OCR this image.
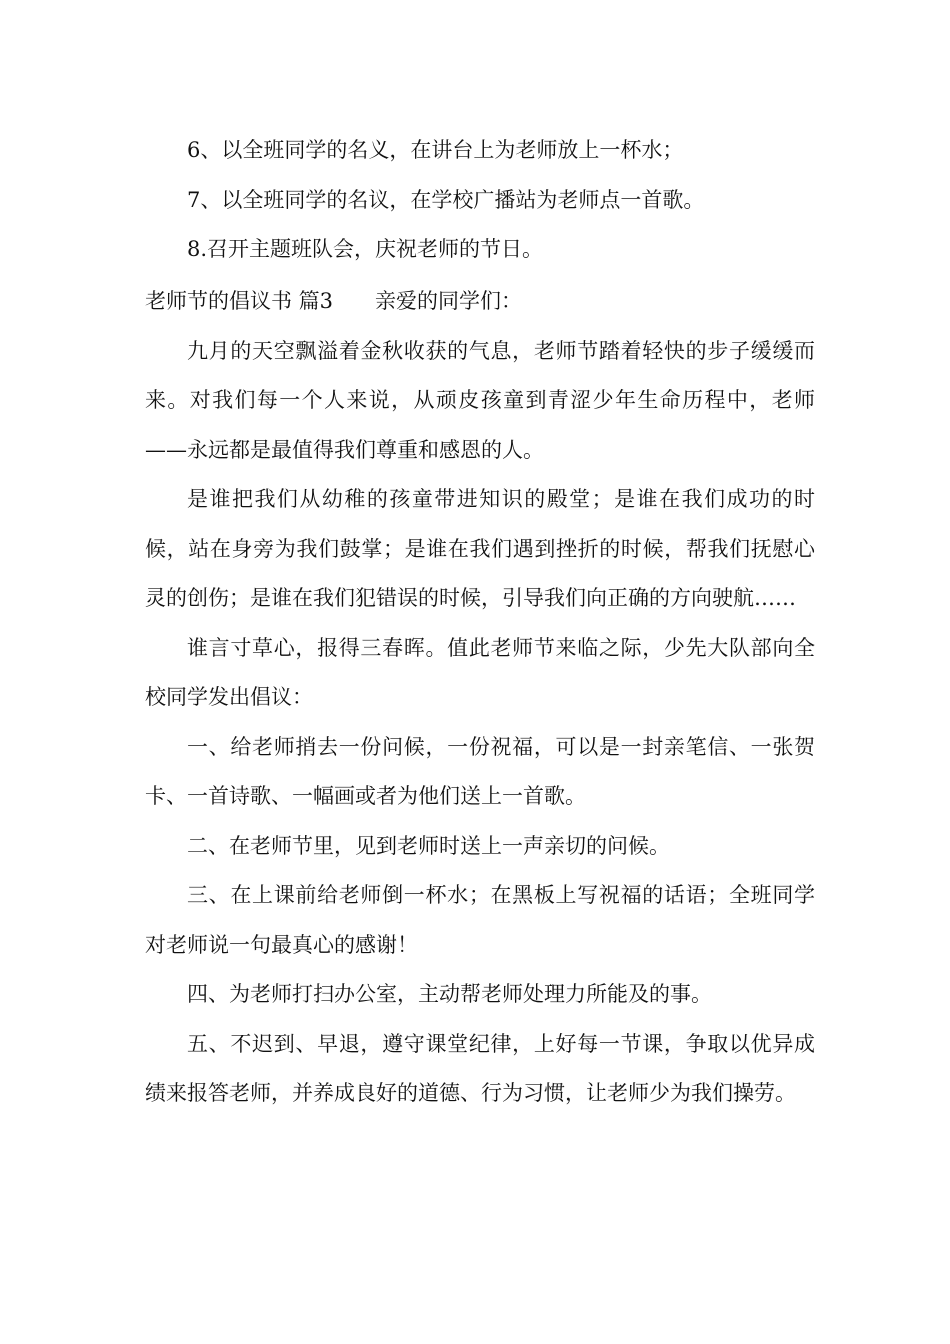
6、以全班同学的名义，在讲台上为老师放上一杯水；

7、以全班同学的名议，在学校广播站为老师点一首歌。

8.召开主题班队会，庆祝老师的节日。

老师节的倡议书 篇3 亲爱的同学们：

九月的天空飘溢着金秋收获的气息，老师节踏着轻快的步子缓缓而来。对我们每一个人来说，从顽皮孩童到青涩少年生命历程中，老师——永远都是最值得我们尊重和感恩的人。

是谁把我们从幼稚的孩童带进知识的殿堂；是谁在我们成功的时候，站在身旁为我们鼓掌；是谁在我们遇到挫折的时候，帮我们抚慰心灵的创伤；是谁在我们犯错误的时候，引导我们向正确的方向驶航……

谁言寸草心，报得三春晖。值此老师节来临之际，少先大队部向全校同学发出倡议：

一、给老师捎去一份问候，一份祝福，可以是一封亲笔信、一张贺卡、一首诗歌、一幅画或者为他们送上一首歌。

二、在老师节里，见到老师时送上一声亲切的问候。

三、在上课前给老师倒一杯水；在黑板上写祝福的话语；全班同学对老师说一句最真心的感谢！

四、为老师打扫办公室，主动帮老师处理力所能及的事。

五、不迟到、早退，遵守课堂纪律，上好每一节课，争取以优异成绩来报答老师，并养成良好的道德、行为习惯，让老师少为我们操劳。
